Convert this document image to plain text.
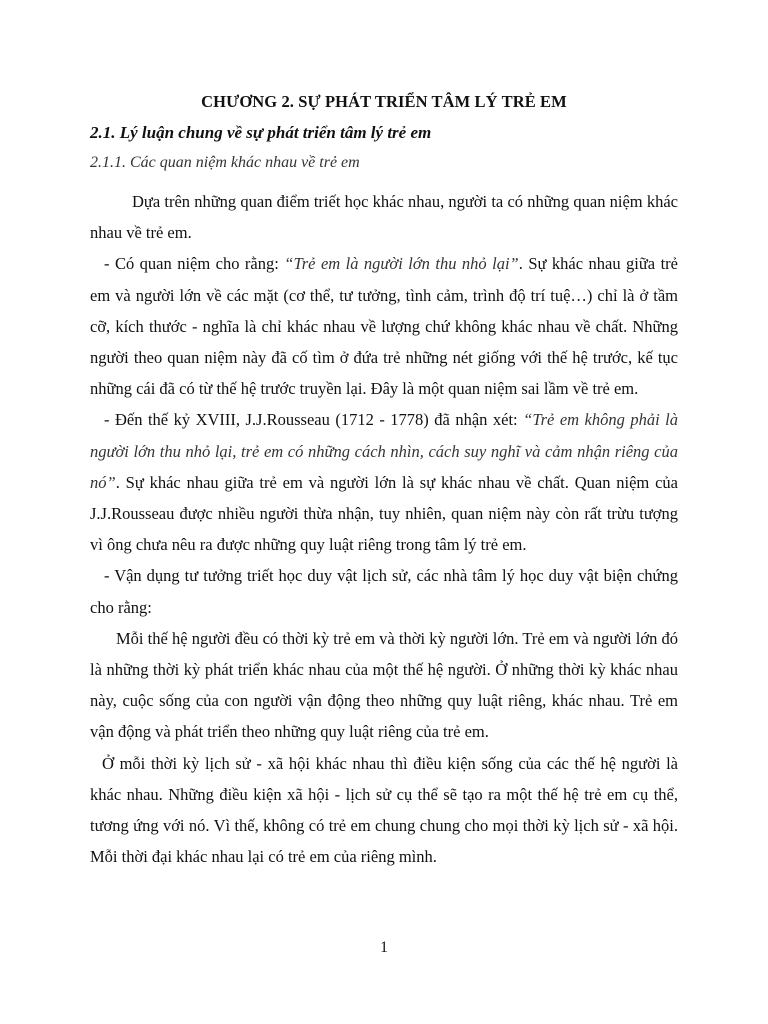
CHƯƠNG 2. SỰ PHÁT TRIỂN TÂM LÝ TRẺ EM
2.1. Lý luận chung về sự phát triển tâm lý trẻ em
2.1.1. Các quan niệm khác nhau về trẻ em

Dựa trên những quan điểm triết học khác nhau, người ta có những quan niệm khác nhau về trẻ em.

- Có quan niệm cho rằng: “Trẻ em là người lớn thu nhỏ lại”. Sự khác nhau giữa trẻ em và người lớn về các mặt (cơ thể, tư tưởng, tình cảm, trình độ trí tuệ…) chỉ là ở tầm cỡ, kích thước - nghĩa là chỉ khác nhau về lượng chứ không khác nhau về chất. Những người theo quan niệm này đã cố tìm ở đứa trẻ những nét giống với thế hệ trước, kế tục những cái đã có từ thế hệ trước truyền lại. Đây là một quan niệm sai lầm về trẻ em.

- Đến thế kỷ XVIII, J.J.Rousseau (1712 - 1778) đã nhận xét: “Trẻ em không phải là người lớn thu nhỏ lại, trẻ em có những cách nhìn, cách suy nghĩ và cảm nhận riêng của nó”. Sự khác nhau giữa trẻ em và người lớn là sự khác nhau về chất. Quan niệm của J.J.Rousseau được nhiều người thừa nhận, tuy nhiên, quan niệm này còn rất trừu tượng vì ông chưa nêu ra được những quy luật riêng trong tâm lý trẻ em.

- Vận dụng tư tưởng triết học duy vật lịch sử, các nhà tâm lý học duy vật biện chứng cho rằng:

Mỗi thế hệ người đều có thời kỳ trẻ em và thời kỳ người lớn. Trẻ em và người lớn đó là những thời kỳ phát triển khác nhau của một thế hệ người. Ở những thời kỳ khác nhau này, cuộc sống của con người vận động theo những quy luật riêng, khác nhau. Trẻ em vận động và phát triển theo những quy luật riêng của trẻ em.

Ở mỗi thời kỳ lịch sử - xã hội khác nhau thì điều kiện sống của các thế hệ người là khác nhau. Những điều kiện xã hội - lịch sử cụ thể sẽ tạo ra một thế hệ trẻ em cụ thể, tương ứng với nó. Vì thế, không có trẻ em chung chung cho mọi thời kỳ lịch sử - xã hội. Mỗi thời đại khác nhau lại có trẻ em của riêng mình.

1
